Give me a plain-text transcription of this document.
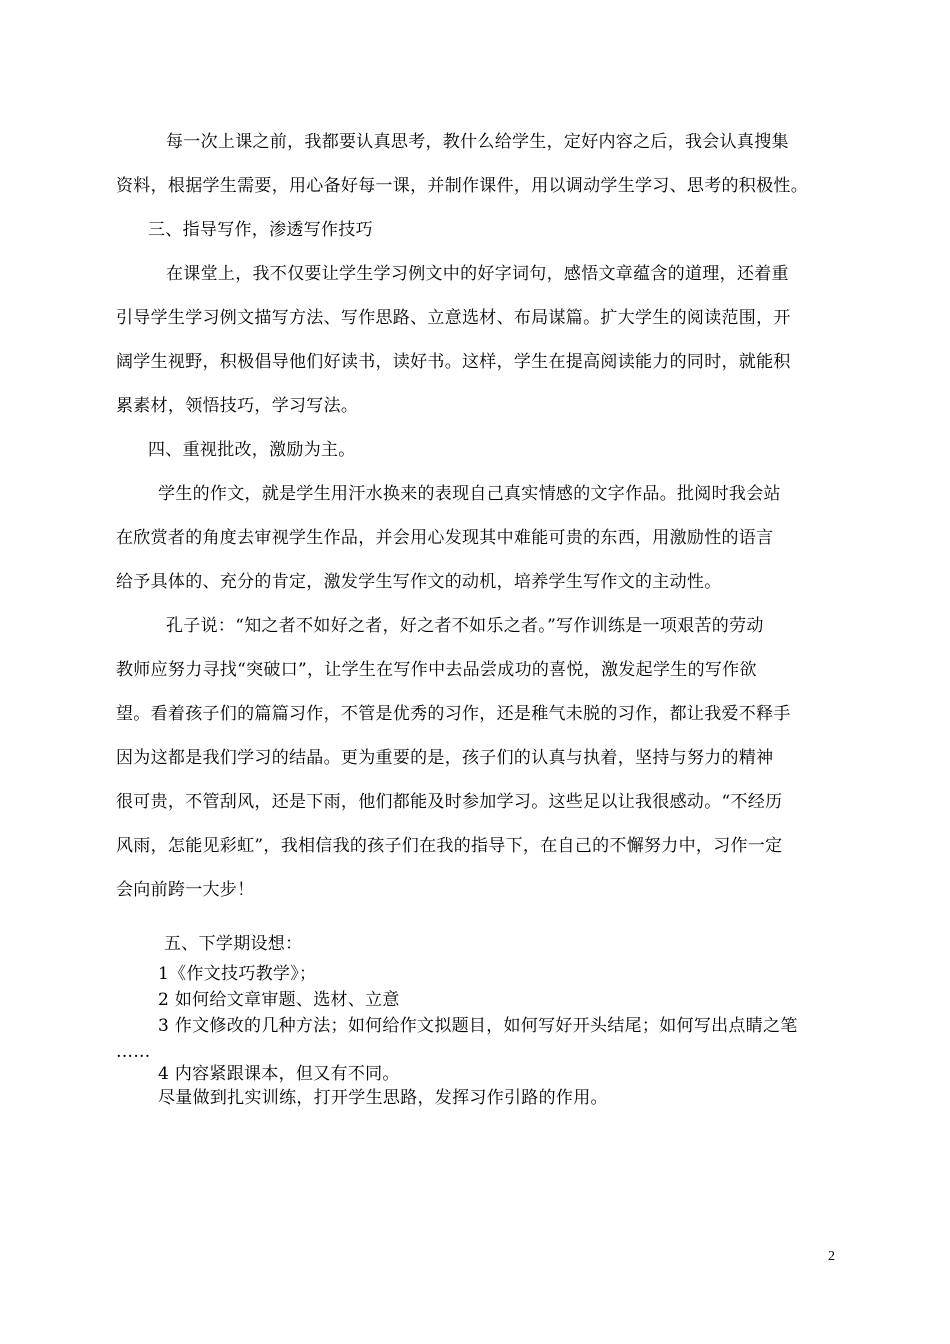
每一次上课之前，我都要认真思考，教什么给学生，定好内容之后，我会认真搜集
资料，根据学生需要，用心备好每一课，并制作课件，用以调动学生学习、思考的积极性。
三、指导写作，渗透写作技巧
在课堂上，我不仅要让学生学习例文中的好字词句，感悟文章蕴含的道理，还着重
引导学生学习例文描写方法、写作思路、立意选材、布局谋篇。扩大学生的阅读范围，开
阔学生视野，积极倡导他们好读书，读好书。这样，学生在提高阅读能力的同时，就能积
累素材，领悟技巧，学习写法。
四、重视批改，激励为主。
学生的作文，就是学生用汗水换来的表现自己真实情感的文字作品。批阅时我会站
在欣赏者的角度去审视学生作品，并会用心发现其中难能可贵的东西，用激励性的语言
给予具体的、充分的肯定，激发学生写作文的动机，培养学生写作文的主动性。
孔子说：“知之者不如好之者，好之者不如乐之者。”写作训练是一项艰苦的劳动
教师应努力寻找“突破口”，让学生在写作中去品尝成功的喜悦，激发起学生的写作欲
望。看着孩子们的篇篇习作，不管是优秀的习作，还是稚气未脱的习作，都让我爱不释手
因为这都是我们学习的结晶。更为重要的是，孩子们的认真与执着，坚持与努力的精神
很可贵，不管刮风，还是下雨，他们都能及时参加学习。这些足以让我很感动。“不经历
风雨，怎能见彩虹”，我相信我的孩子们在我的指导下，在自己的不懈努力中，习作一定
会向前跨一大步！
五、下学期设想：
1《作文技巧教学》；
2 如何给文章审题、选材、立意
3 作文修改的几种方法；如何给作文拟题目，如何写好开头结尾；如何写出点睛之笔
……
4 内容紧跟课本，但又有不同。
尽量做到扎实训练，打开学生思路，发挥习作引路的作用。
2
